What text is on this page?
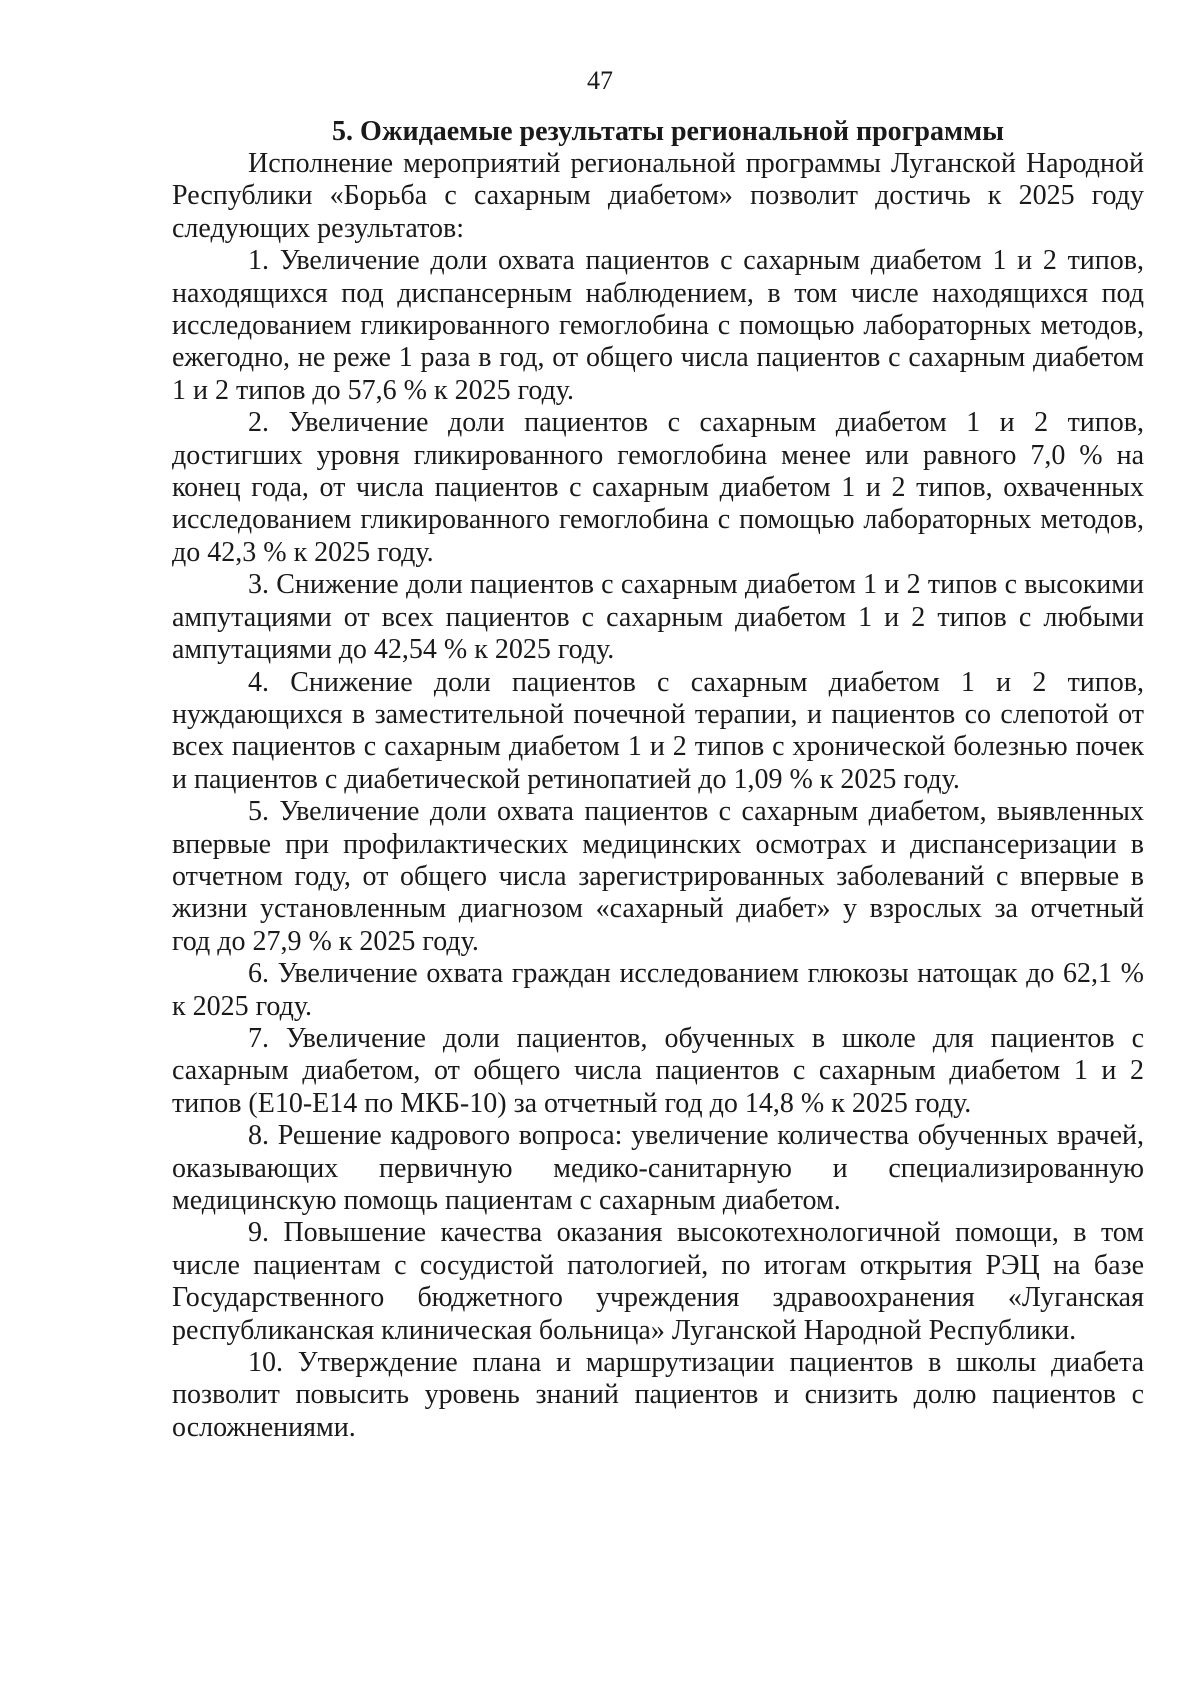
47
5. Ожидаемые результаты региональной программы

Исполнение мероприятий региональной программы Луганской Народной Республики «Борьба с сахарным диабетом» позволит достичь к 2025 году следующих результатов:

1. Увеличение доли охвата пациентов с сахарным диабетом 1 и 2 типов, находящихся под диспансерным наблюдением, в том числе находящихся под исследованием гликированного гемоглобина с помощью лабораторных методов, ежегодно, не реже 1 раза в год, от общего числа пациентов с сахарным диабетом 1 и 2 типов до 57,6 % к 2025 году.

2. Увеличение доли пациентов с сахарным диабетом 1 и 2 типов, достигших уровня гликированного гемоглобина менее или равного 7,0 % на конец года, от числа пациентов с сахарным диабетом 1 и 2 типов, охваченных исследованием гликированного гемоглобина с помощью лабораторных методов, до 42,3 % к 2025 году.

3. Снижение доли пациентов с сахарным диабетом 1 и 2 типов с высокими ампутациями от всех пациентов с сахарным диабетом 1 и 2 типов с любыми ампутациями до 42,54 % к 2025 году.

4. Снижение доли пациентов с сахарным диабетом 1 и 2 типов, нуждающихся в заместительной почечной терапии, и пациентов со слепотой от всех пациентов с сахарным диабетом 1 и 2 типов с хронической болезнью почек и пациентов с диабетической ретинопатией до 1,09 % к 2025 году.

5. Увеличение доли охвата пациентов с сахарным диабетом, выявленных впервые при профилактических медицинских осмотрах и диспансеризации в отчетном году, от общего числа зарегистрированных заболеваний с впервые в жизни установленным диагнозом «сахарный диабет» у взрослых за отчетный год до 27,9 % к 2025 году.

6. Увеличение охвата граждан исследованием глюкозы натощак до 62,1 % к 2025 году.

7. Увеличение доли пациентов, обученных в школе для пациентов с сахарным диабетом, от общего числа пациентов с сахарным диабетом 1 и 2 типов (Е10-Е14 по МКБ-10) за отчетный год до 14,8 % к 2025 году.

8. Решение кадрового вопроса: увеличение количества обученных врачей, оказывающих первичную медико-санитарную и специализированную медицинскую помощь пациентам с сахарным диабетом.

9. Повышение качества оказания высокотехнологичной помощи, в том числе пациентам с сосудистой патологией, по итогам открытия РЭЦ на базе Государственного бюджетного учреждения здравоохранения «Луганская республиканская клиническая больница» Луганской Народной Республики.

10. Утверждение плана и маршрутизации пациентов в школы диабета позволит повысить уровень знаний пациентов и снизить долю пациентов с осложнениями.
